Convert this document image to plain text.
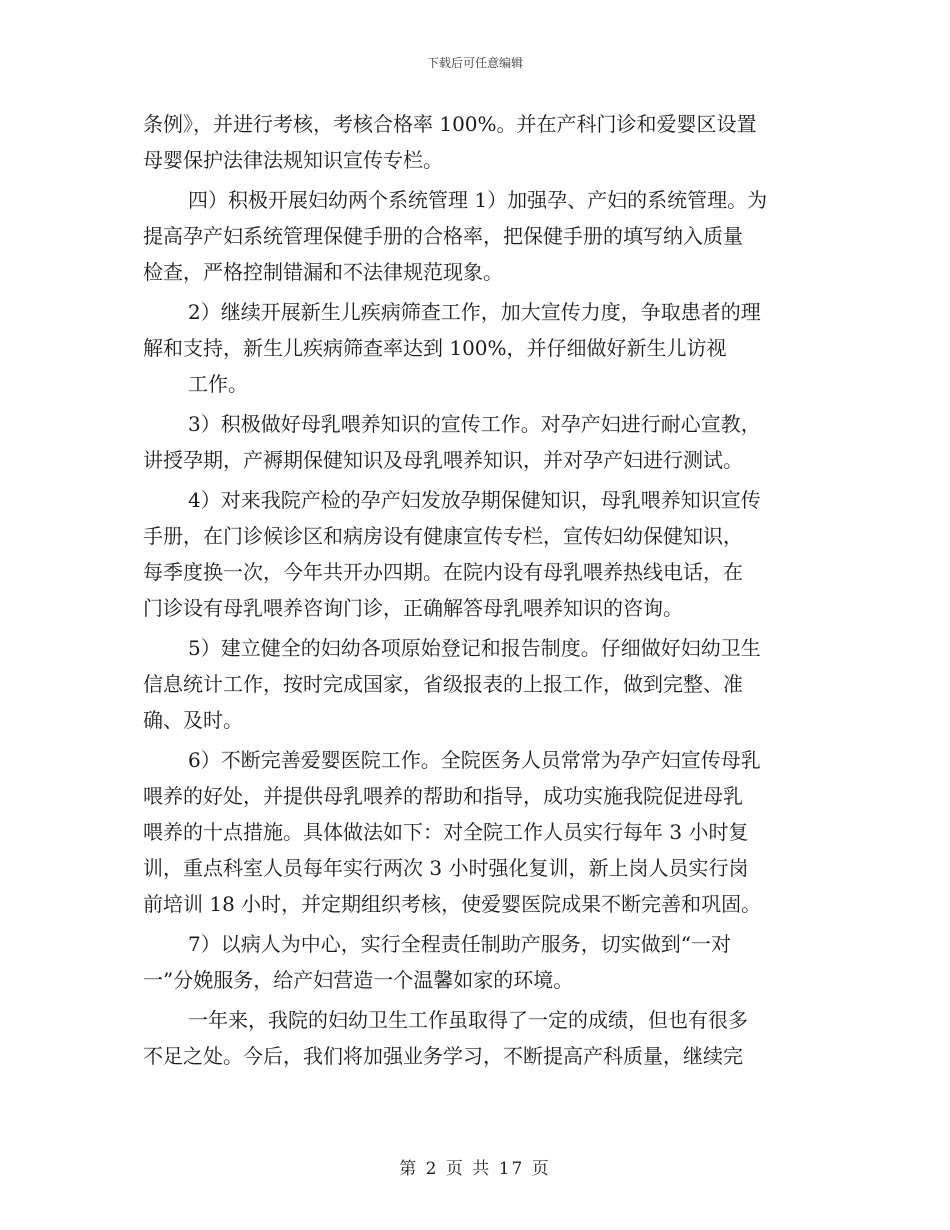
下载后可任意编辑
条例》，并进行考核，考核合格率 100%。并在产科门诊和爱婴区设置
母婴保护法律法规知识宣传专栏。
四）积极开展妇幼两个系统管理 1）加强孕、产妇的系统管理。为
提高孕产妇系统管理保健手册的合格率，把保健手册的填写纳入质量
检查，严格控制错漏和不法律规范现象。
2）继续开展新生儿疾病筛查工作，加大宣传力度，争取患者的理
解和支持，新生儿疾病筛查率达到 100%，并仔细做好新生儿访视
工作。
3）积极做好母乳喂养知识的宣传工作。对孕产妇进行耐心宣教，
讲授孕期，产褥期保健知识及母乳喂养知识，并对孕产妇进行测试。
4）对来我院产检的孕产妇发放孕期保健知识，母乳喂养知识宣传
手册，在门诊候诊区和病房设有健康宣传专栏，宣传妇幼保健知识，
每季度换一次，今年共开办四期。在院内设有母乳喂养热线电话，在
门诊设有母乳喂养咨询门诊，正确解答母乳喂养知识的咨询。
5）建立健全的妇幼各项原始登记和报告制度。仔细做好妇幼卫生
信息统计工作，按时完成国家，省级报表的上报工作，做到完整、准
确、及时。
6）不断完善爱婴医院工作。全院医务人员常常为孕产妇宣传母乳
喂养的好处，并提供母乳喂养的帮助和指导，成功实施我院促进母乳
喂养的十点措施。具体做法如下：对全院工作人员实行每年 3 小时复
训，重点科室人员每年实行两次 3 小时强化复训，新上岗人员实行岗
前培训 18 小时，并定期组织考核，使爱婴医院成果不断完善和巩固。
7）以病人为中心，实行全程责任制助产服务，切实做到“一对
一”分娩服务，给产妇营造一个温馨如家的环境。
一年来，我院的妇幼卫生工作虽取得了一定的成绩，但也有很多
不足之处。今后，我们将加强业务学习，不断提高产科质量，继续完
第 2 页 共 17 页
